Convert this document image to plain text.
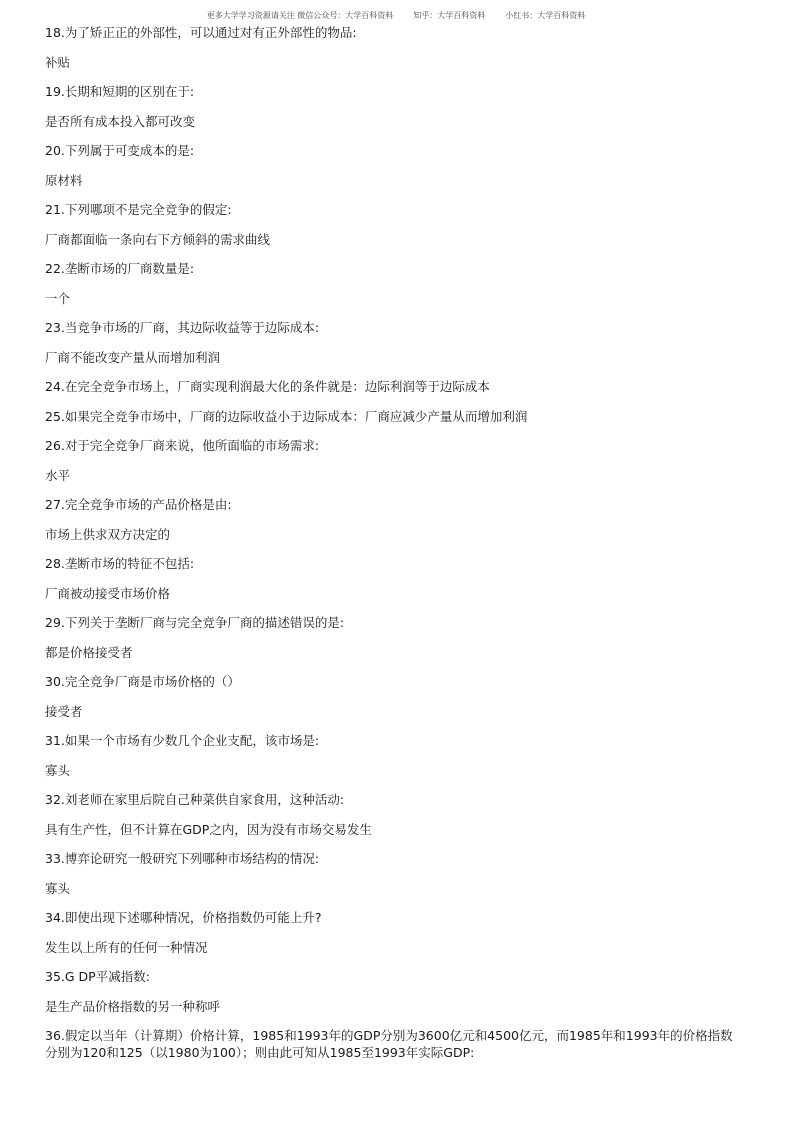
更多大学学习资源请关注 微信公众号：大学百科资料	知乎：大学百科资料	小红书：大学百科资料

18.为了矫正正的外部性，可以通过对有正外部性的物品:

补贴

19.长期和短期的区别在于:

是否所有成本投入都可改变

20.下列属于可变成本的是:

原材料

21.下列哪项不是完全竞争的假定:

厂商都面临一条向右下方倾斜的需求曲线

22.垄断市场的厂商数量是:

一个

23.当竞争市场的厂商，其边际收益等于边际成本:

厂商不能改变产量从而增加利润

24.在完全竞争市场上，厂商实现利润最大化的条件就是：边际利润等于边际成本

25.如果完全竞争市场中，厂商的边际收益小于边际成本：厂商应减少产量从而增加利润

26.对于完全竞争厂商来说，他所面临的市场需求:

水平

27.完全竞争市场的产品价格是由:

市场上供求双方决定的

28.垄断市场的特征不包括:

厂商被动接受市场价格

29.下列关于垄断厂商与完全竞争厂商的描述错误的是:

都是价格接受者

30.完全竞争厂商是市场价格的（）

接受者

31.如果一个市场有少数几个企业支配，该市场是:

寡头

32.刘老师在家里后院自己种菜供自家食用，这种活动:

具有生产性，但不计算在GDP之内，因为没有市场交易发生

33.博弈论研究一般研究下列哪种市场结构的情况:

寡头

34.即使出现下述哪种情况，价格指数仍可能上升?

发生以上所有的任何一种情况

35.G DP平减指数:

是生产品价格指数的另一种称呼

36.假定以当年（计算期）价格计算，1985和1993年的GDP分别为3600亿元和4500亿元，而1985年和1993年的价格指数分别为120和125（以1980为100）；则由此可知从1985至1993年实际GDP:
